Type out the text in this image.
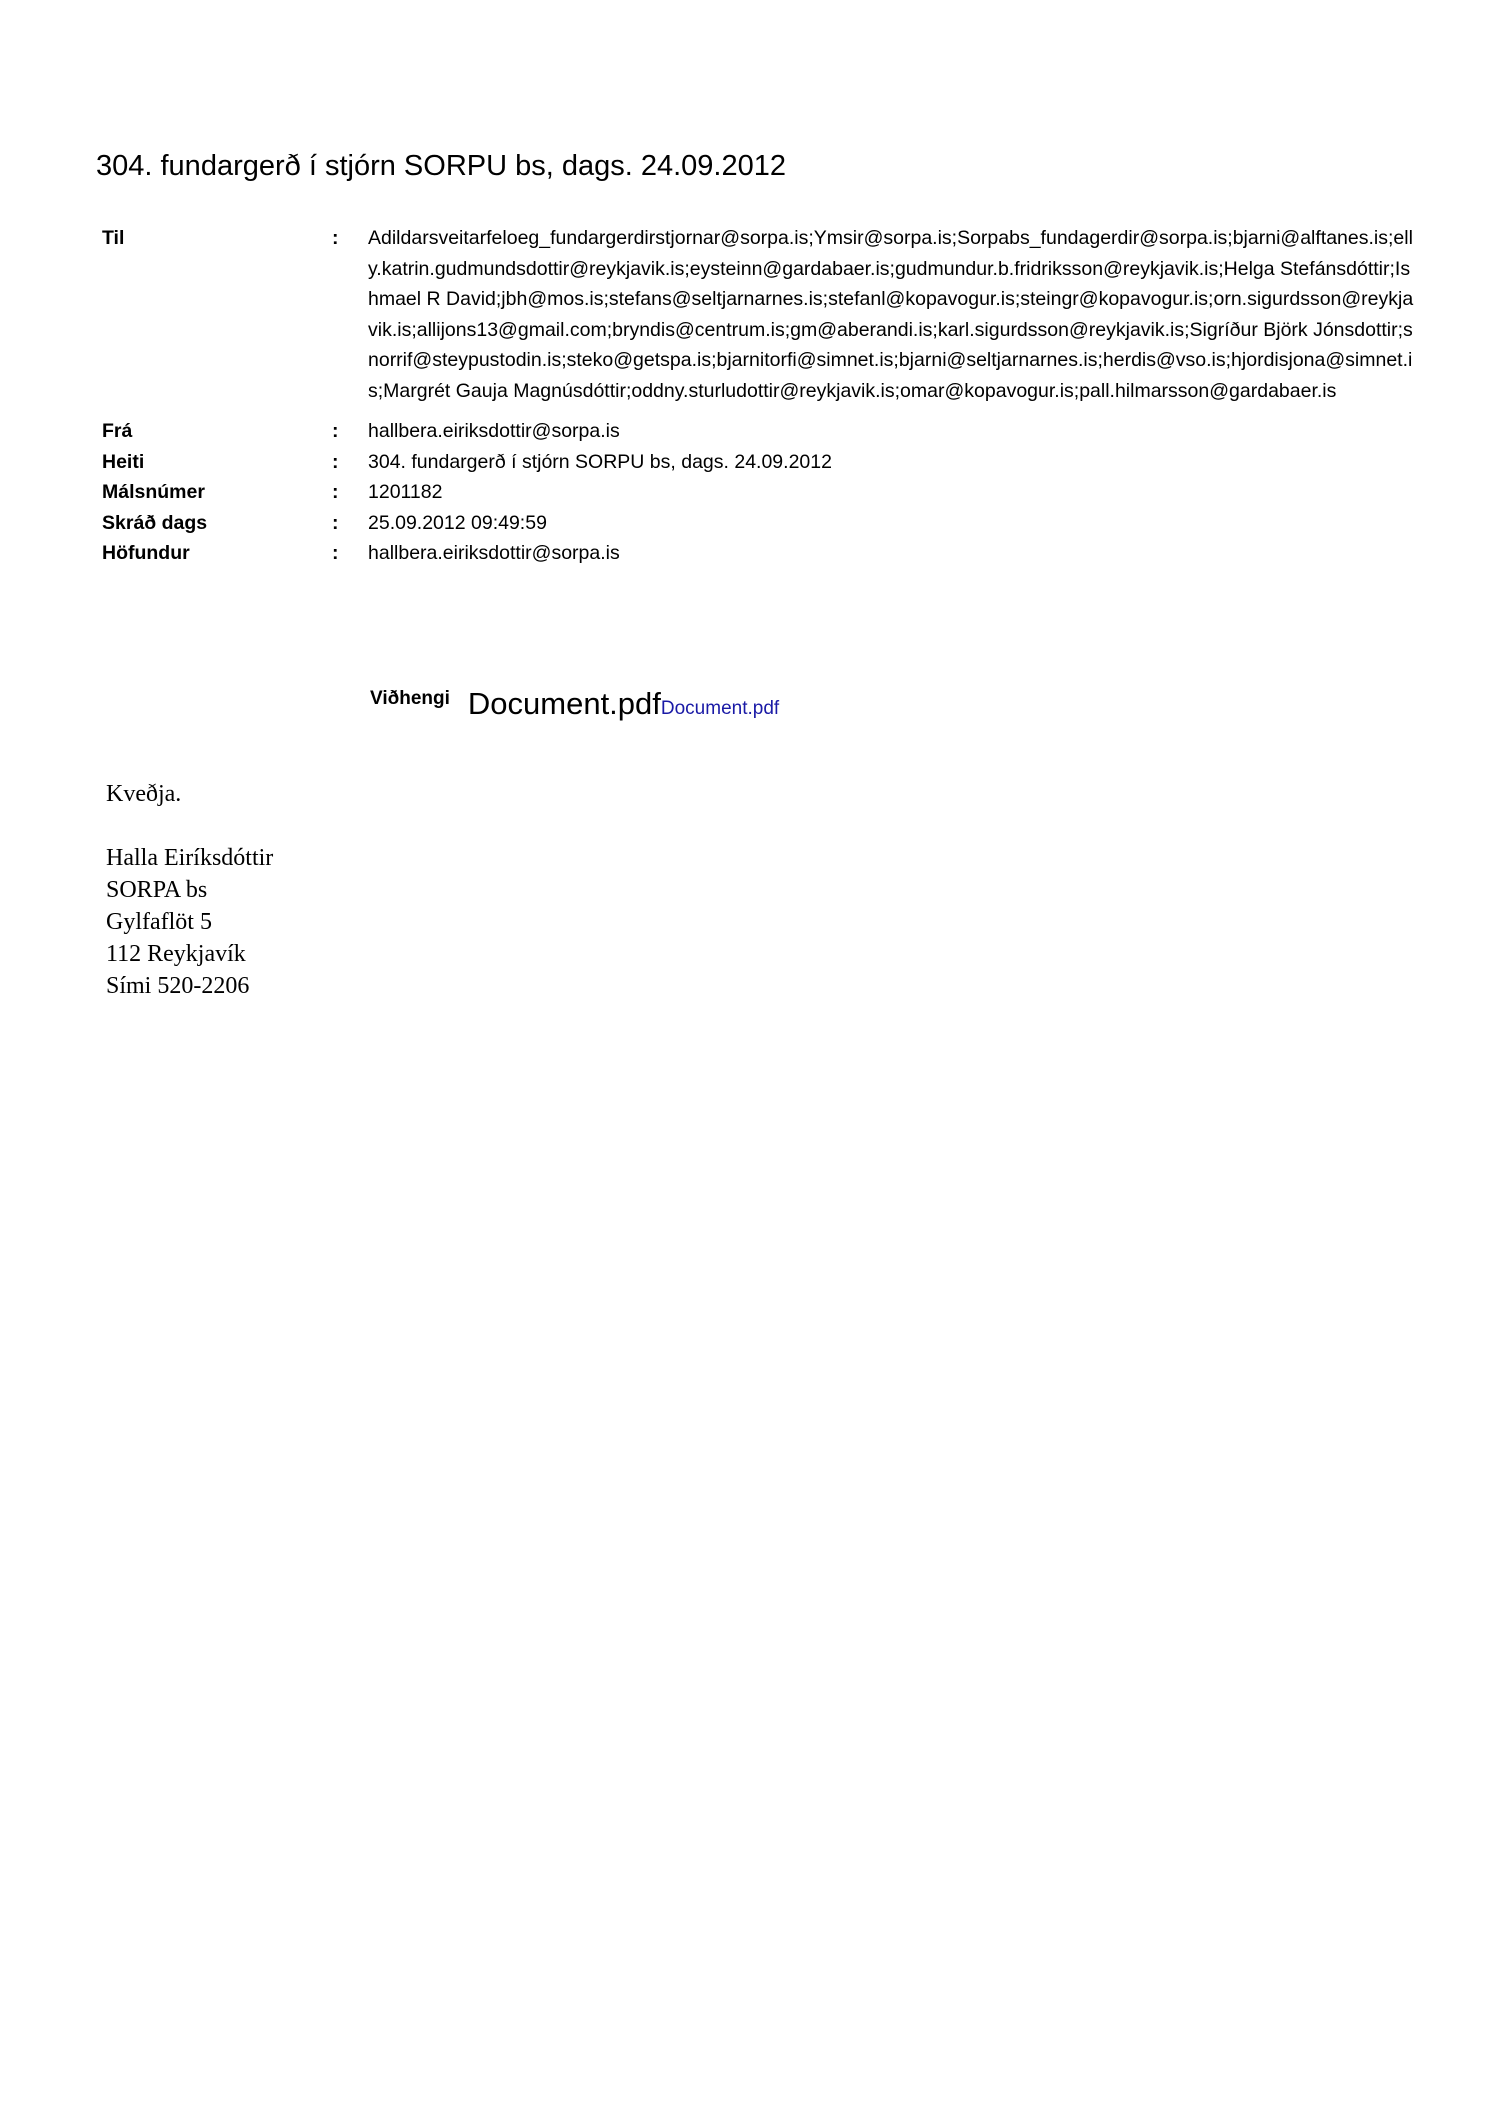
304. fundargerð í stjórn SORPU bs, dags. 24.09.2012
Til	:	Adildarsveitarfeloeg_fundargerdirstjornar@sorpa.is;Ymsir@sorpa.is;Sorpabs_fundagerdir@sorpa.is;bjarni@alftanes.is;elly.katrin.gudmundsdottir@reykjavik.is;eysteinn@gardabaer.is;gudmundur.b.fridriksson@reykjavik.is;Helga Stefánsdóttir;Ishmael R David;jbh@mos.is;stefans@seltjarnarnes.is;stefanl@kopavogur.is;steingr@kopavogur.is;orn.sigurdsson@reykjavik.is;allijons13@gmail.com;bryndis@centrum.is;gm@aberandi.is;karl.sigurdsson@reykjavik.is;Sigríður Björk Jónsdottir;snorrif@steypustodin.is;steko@getspa.is;bjarnitorfi@simnet.is;bjarni@seltjarnarnes.is;herdis@vso.is;hjordisjona@simnet.is;Margrét Gauja Magnúsdóttir;oddny.sturludottir@reykjavik.is;omar@kopavogur.is;pall.hilmarsson@gardabaer.is
Frá	:	hallbera.eiriksdottir@sorpa.is
Heiti	:	304. fundargerð í stjórn SORPU bs, dags. 24.09.2012
Málsnúmer	:	1201182
Skráð dags	:	25.09.2012 09:49:59
Höfundur	:	hallbera.eiriksdottir@sorpa.is
Viðhengi Document.pdfDocument.pdf
Kveðja.
Halla Eiríksdóttir
SORPA bs
Gylfaflöt 5
112 Reykjavík
Sími 520-2206
